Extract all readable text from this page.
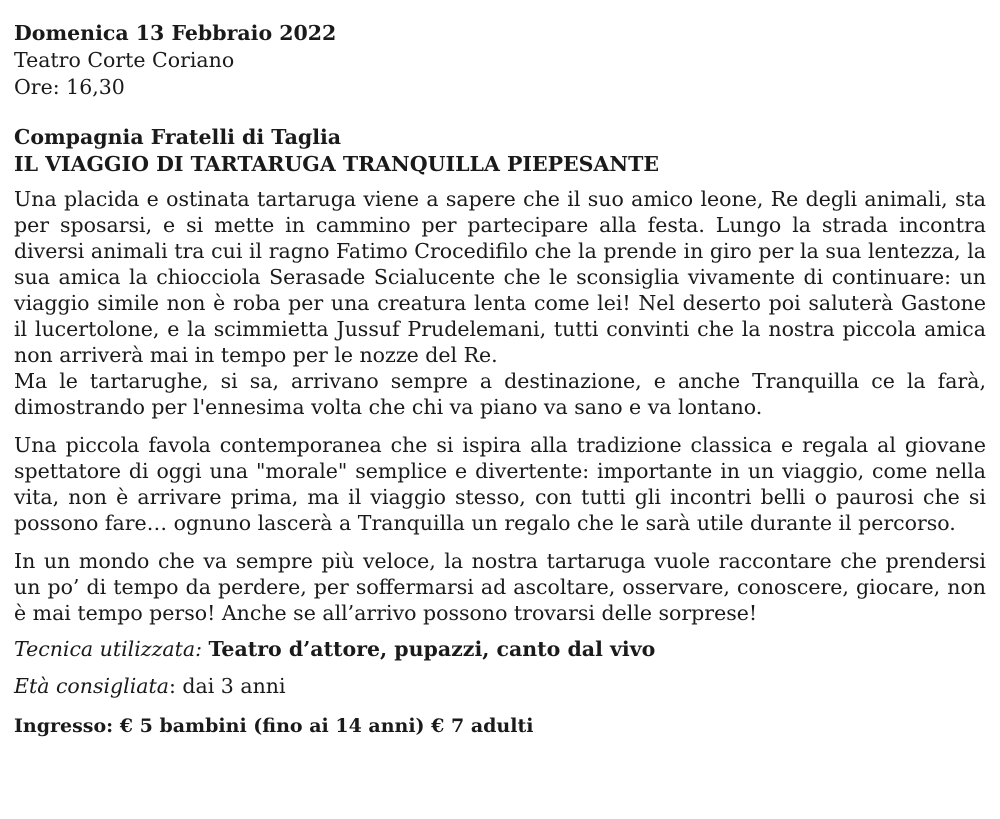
Domenica 13 Febbraio 2022
Teatro Corte Coriano
Ore: 16,30
Compagnia Fratelli di Taglia
IL VIAGGIO DI TARTARUGA TRANQUILLA PIEPESANTE

Una placida e ostinata tartaruga viene a sapere che il suo amico leone, Re degli animali, sta per sposarsi, e si mette in cammino per partecipare alla festa. Lungo la strada incontra diversi animali tra cui il ragno Fatimo Crocedifilo che la prende in giro per la sua lentezza, la sua amica la chiocciola Serasade Scialucente che le sconsiglia vivamente di continuare: un viaggio simile non è roba per una creatura lenta come lei! Nel deserto poi saluterà Gastone il lucertolone, e la scimmietta Jussuf Prudelemani, tutti convinti che la nostra piccola amica non arriverà mai in tempo per le nozze del Re.

Ma le tartarughe, si sa, arrivano sempre a destinazione, e anche Tranquilla ce la farà, dimostrando per l'ennesima volta che chi va piano va sano e va lontano.

Una piccola favola contemporanea che si ispira alla tradizione classica e regala al giovane spettatore di oggi una "morale" semplice e divertente: importante in un viaggio, come nella vita, non è arrivare prima, ma il viaggio stesso, con tutti gli incontri belli o paurosi che si possono fare… ognuno lascerà a Tranquilla un regalo che le sarà utile durante il percorso.

In un mondo che va sempre più veloce, la nostra tartaruga vuole raccontare che prendersi un po’ di tempo da perdere, per soffermarsi ad ascoltare, osservare, conoscere, giocare, non è mai tempo perso! Anche se all’arrivo possono trovarsi delle sorprese!

Tecnica utilizzata: Teatro d’attore, pupazzi, canto dal vivo
Età consigliata: dai 3 anni
Ingresso: € 5 bambini (fino ai 14 anni) € 7 adulti
